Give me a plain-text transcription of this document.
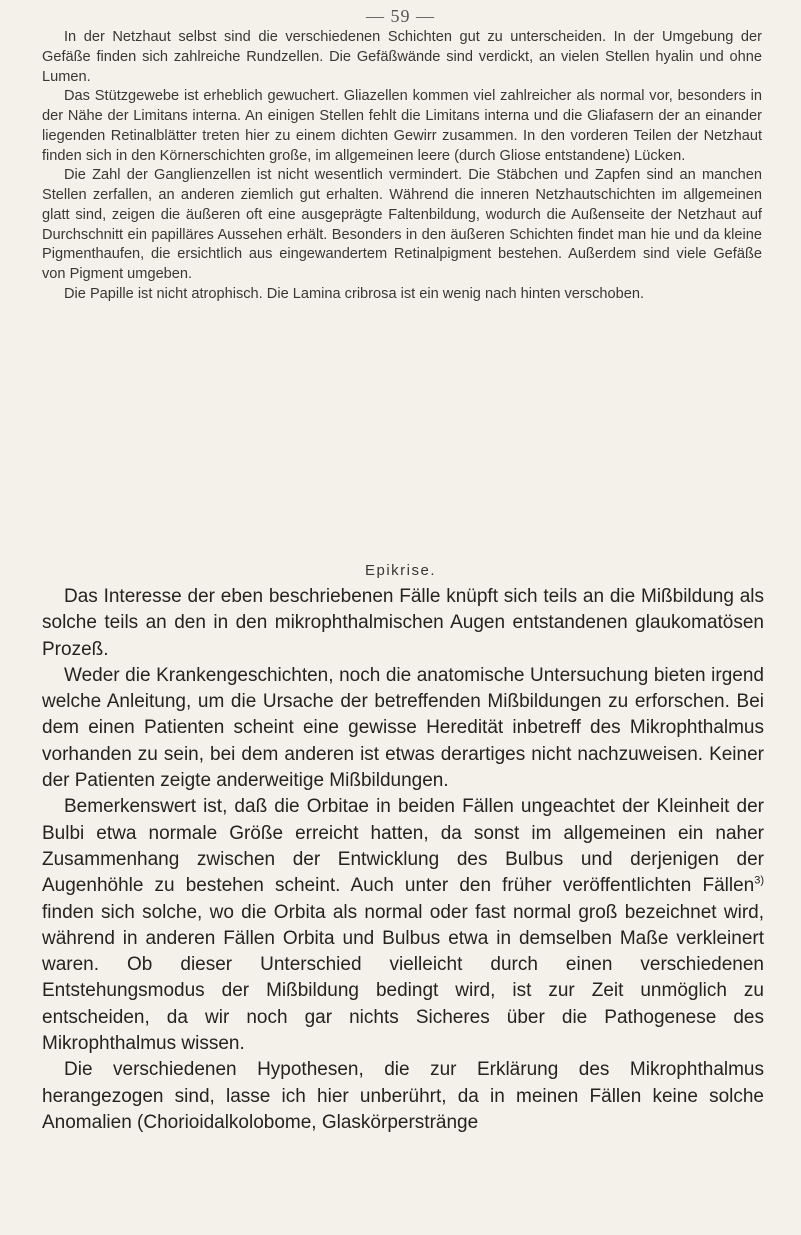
— 59 —

In der Netzhaut selbst sind die verschiedenen Schichten gut zu unterscheiden. In der Umgebung der Gefäße finden sich zahlreiche Rundzellen. Die Gefäßwände sind verdickt, an vielen Stellen hyalin und ohne Lumen.

Das Stützgewebe ist erheblich gewuchert. Gliazellen kommen viel zahlreicher als normal vor, besonders in der Nähe der Limitans interna. An einigen Stellen fehlt die Limitans interna und die Gliafasern der an einander liegenden Retinalblätter treten hier zu einem dichten Gewirr zusammen. In den vorderen Teilen der Netzhaut finden sich in den Körnerschichten große, im allgemeinen leere (durch Gliose entstandene) Lücken.

Die Zahl der Ganglienzellen ist nicht wesentlich vermindert. Die Stäbchen und Zapfen sind an manchen Stellen zerfallen, an anderen ziemlich gut erhalten. Während die inneren Netzhautschichten im allgemeinen glatt sind, zeigen die äußeren oft eine ausgeprägte Faltenbildung, wodurch die Außenseite der Netzhaut auf Durchschnitt ein papilläres Aussehen erhält. Besonders in den äußeren Schichten findet man hie und da kleine Pigmenthaufen, die ersichtlich aus eingewandertem Retinalpigment bestehen. Außerdem sind viele Gefäße von Pigment umgeben.

Die Papille ist nicht atrophisch. Die Lamina cribrosa ist ein wenig nach hinten verschoben.

Epikrise.

Das Interesse der eben beschriebenen Fälle knüpft sich teils an die Mißbildung als solche teils an den in den mikrophthalmischen Augen entstandenen glaukomatösen Prozeß.

Weder die Krankengeschichten, noch die anatomische Untersuchung bieten irgend welche Anleitung, um die Ursache der betreffenden Mißbildungen zu erforschen. Bei dem einen Patienten scheint eine gewisse Heredität inbetreff des Mikrophthalmus vorhanden zu sein, bei dem anderen ist etwas derartiges nicht nachzuweisen. Keiner der Patienten zeigte anderweitige Mißbildungen.

Bemerkenswert ist, daß die Orbitae in beiden Fällen ungeachtet der Kleinheit der Bulbi etwa normale Größe erreicht hatten, da sonst im allgemeinen ein naher Zusammenhang zwischen der Entwicklung des Bulbus und derjenigen der Augenhöhle zu bestehen scheint. Auch unter den früher veröffentlichten Fällen$^{3)}$ finden sich solche, wo die Orbita als normal oder fast normal groß bezeichnet wird, während in anderen Fällen Orbita und Bulbus etwa in demselben Maße verkleinert waren. Ob dieser Unterschied vielleicht durch einen verschiedenen Entstehungsmodus der Mißbildung bedingt wird, ist zur Zeit unmöglich zu entscheiden, da wir noch gar nichts Sicheres über die Pathogenese des Mikrophthalmus wissen.

Die verschiedenen Hypothesen, die zur Erklärung des Mikrophthalmus herangezogen sind, lasse ich hier unberührt, da in meinen Fällen keine solche Anomalien (Chorioidalkolobome, Glaskörperstränge
